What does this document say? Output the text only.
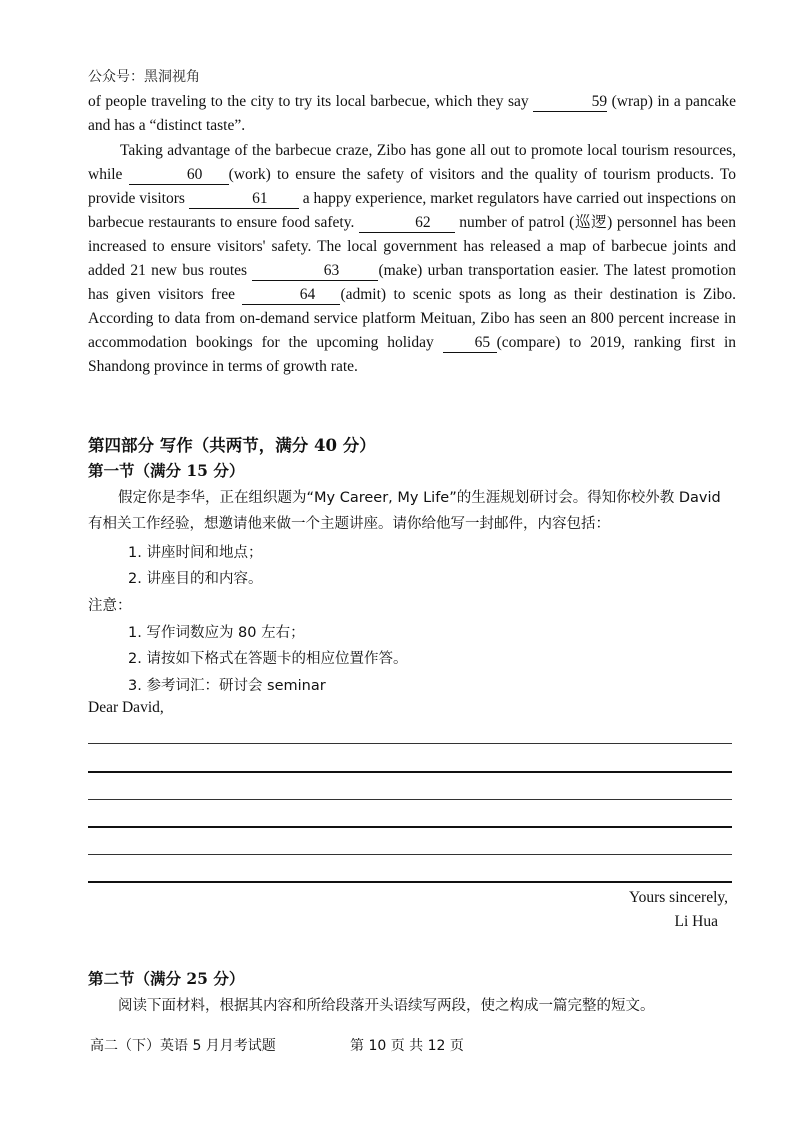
公众号：黑洞视角
of people traveling to the city to try its local barbecue, which they say	59 (wrap) in a pancake and has a “distinct taste”.
Taking advantage of the barbecue craze, Zibo has gone all out to promote local tourism resources, while	60 (work) to ensure the safety of visitors and the quality of tourism products. To provide visitors	61 a happy experience, market regulators have carried out inspections on barbecue restaurants to ensure food safety.	62 number of patrol (巡逻) personnel has been increased to ensure visitors' safety. The local government has released a map of barbecue joints and added 21 new bus routes	63	(make) urban transportation easier. The latest promotion has given visitors free	64 (admit) to scenic spots as long as their destination is Zibo. According to data from on-demand service platform Meituan, Zibo has seen an 800 percent increase in accommodation bookings for the upcoming holiday 65 (compare) to 2019, ranking first in Shandong province in terms of growth rate.
第四部分 写作（共两节，满分 40 分）
第一节（满分 15 分）
假定你是李华，正在组织题为“My Career, My Life”的生涯规划研讨会。得知你校外教 David 有相关工作经验，想邀请他来做一个主题讲座。请你给他写一封邮件，内容包括：
1. 讲座时间和地点；
2. 讲座目的和内容。
注意：
1. 写作词数应为 80 左右；
2. 请按如下格式在答题卡的相应位置作答。
3. 参考词汇：研讨会 seminar
Dear David,
Yours sincerely,
Li Hua
第二节（满分 25 分）
阅读下面材料，根据其内容和所给段落开头语续写两段，使之构成一篇完整的短文。
高二（下）英语 5 月月考试题	第 10 页 共 12 页
